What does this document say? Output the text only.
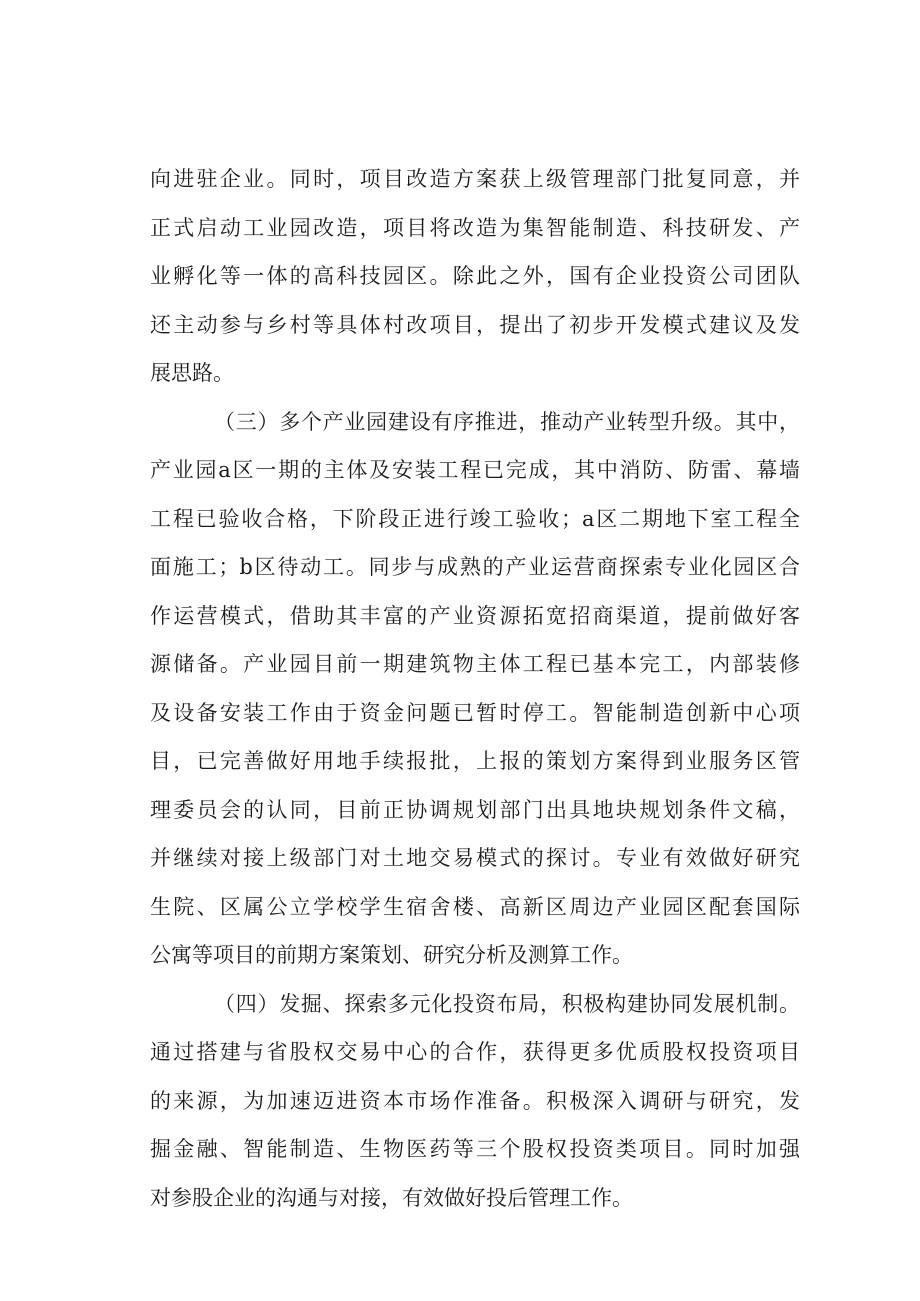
向进驻企业。同时，项目改造方案获上级管理部门批复同意，并
正式启动工业园改造，项目将改造为集智能制造、科技研发、产
业孵化等一体的高科技园区。除此之外，国有企业投资公司团队
还主动参与乡村等具体村改项目，提出了初步开发模式建议及发
展思路。
（三）多个产业园建设有序推进，推动产业转型升级。其中，
产业园a区一期的主体及安装工程已完成，其中消防、防雷、幕墙
工程已验收合格，下阶段正进行竣工验收；a区二期地下室工程全
面施工；b区待动工。同步与成熟的产业运营商探索专业化园区合
作运营模式，借助其丰富的产业资源拓宽招商渠道，提前做好客
源储备。产业园目前一期建筑物主体工程已基本完工，内部装修
及设备安装工作由于资金问题已暂时停工。智能制造创新中心项
目，已完善做好用地手续报批，上报的策划方案得到业服务区管
理委员会的认同，目前正协调规划部门出具地块规划条件文稿，
并继续对接上级部门对土地交易模式的探讨。专业有效做好研究
生院、区属公立学校学生宿舍楼、高新区周边产业园区配套国际
公寓等项目的前期方案策划、研究分析及测算工作。
（四）发掘、探索多元化投资布局，积极构建协同发展机制。
通过搭建与省股权交易中心的合作，获得更多优质股权投资项目
的来源，为加速迈进资本市场作准备。积极深入调研与研究，发
掘金融、智能制造、生物医药等三个股权投资类项目。同时加强
对参股企业的沟通与对接，有效做好投后管理工作。
